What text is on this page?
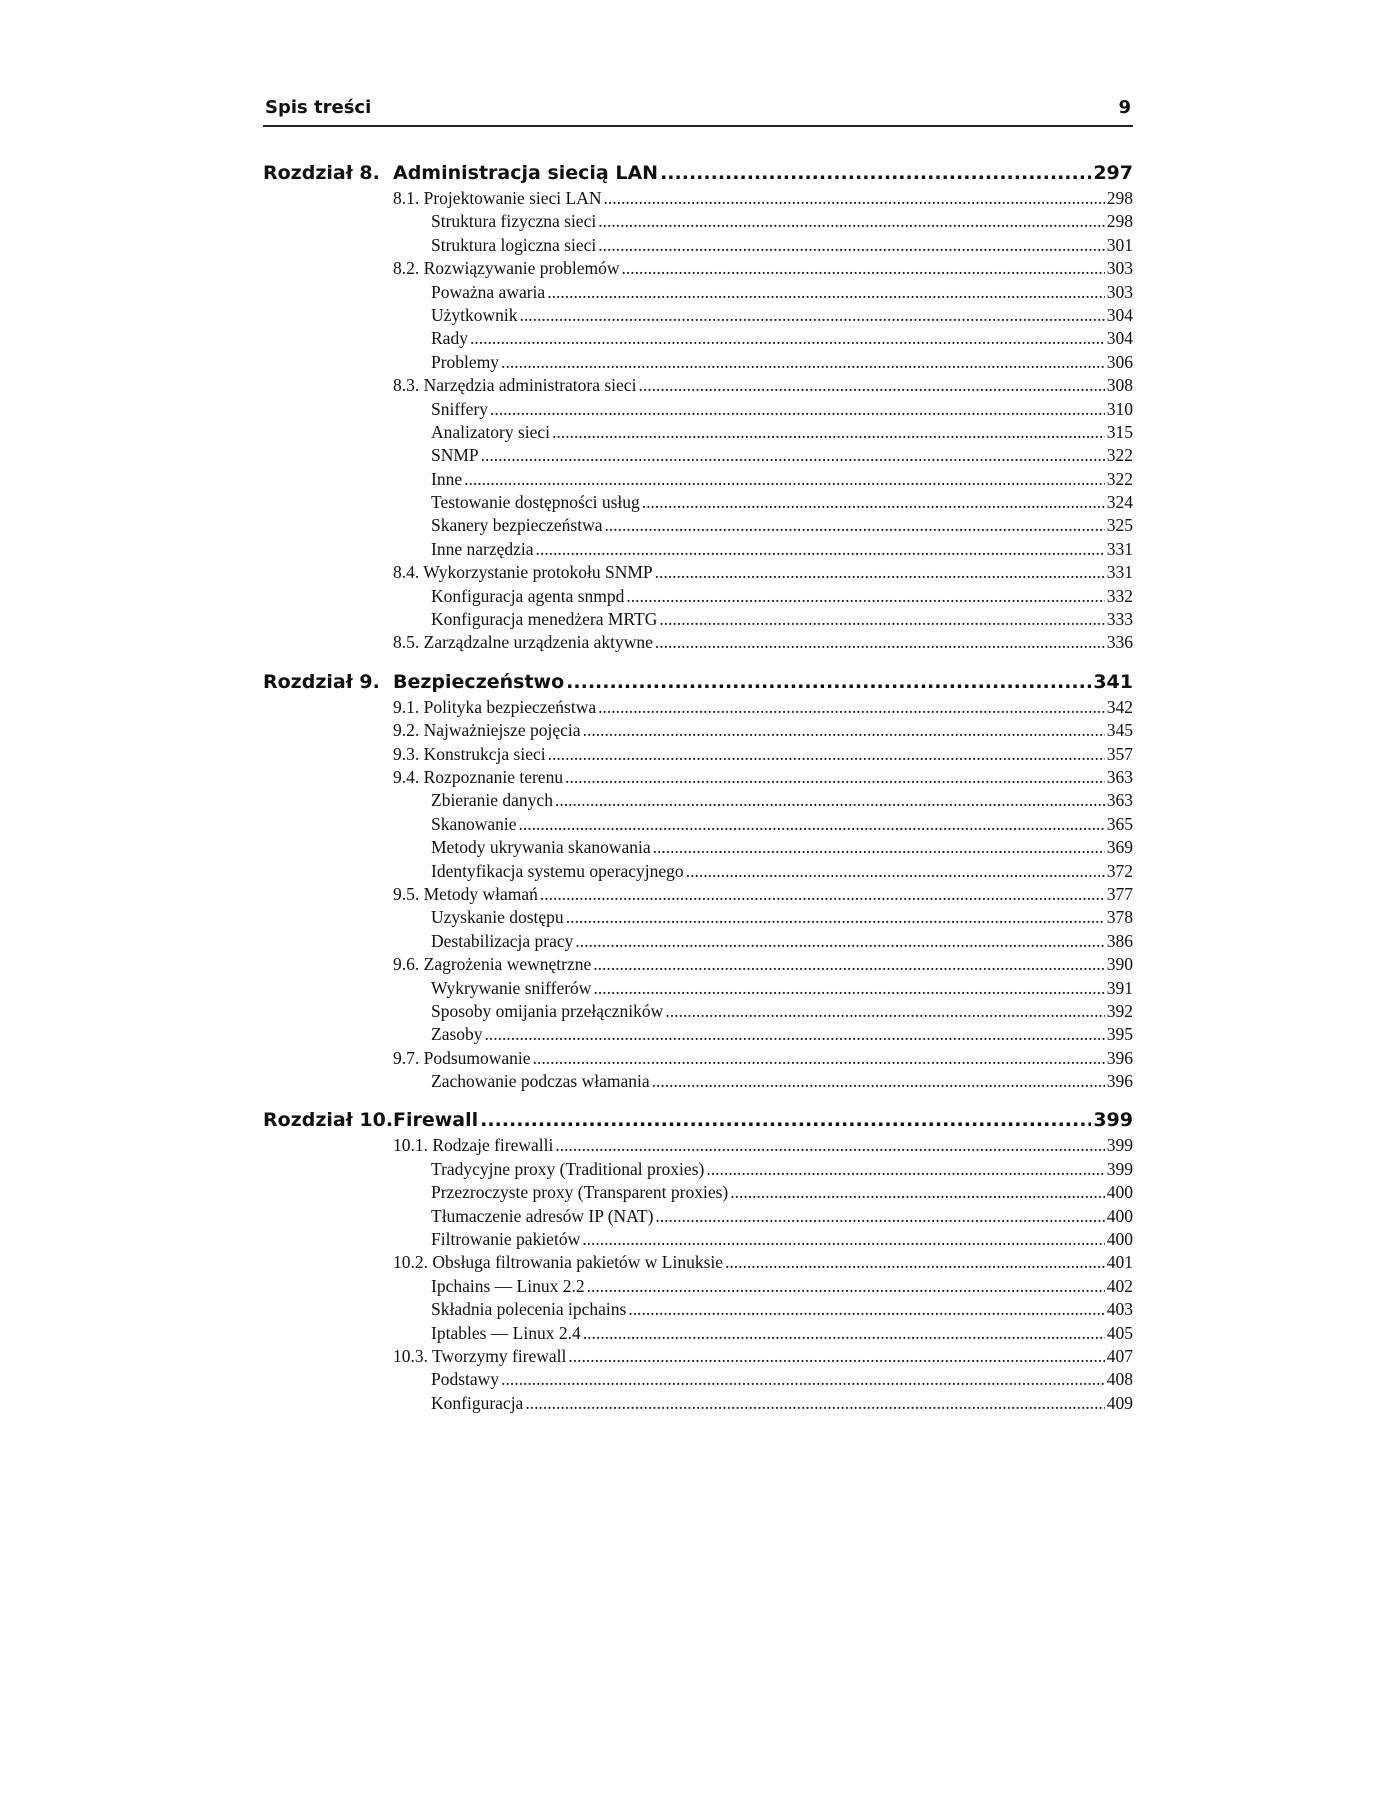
Spis treści	9
Rozdział 8. Administracja siecią LAN .....	297
8.1. Projektowanie sieci LAN .....	298
Struktura fizyczna sieci .....	298
Struktura logiczna sieci .....	301
8.2. Rozwiązywanie problemów .....	303
Poważna awaria .....	303
Użytkownik .....	304
Rady .....	304
Problemy .....	306
8.3. Narzędzia administratora sieci .....	308
Sniffery .....	310
Analizatory sieci .....	315
SNMP .....	322
Inne .....	322
Testowanie dostępności usług .....	324
Skanery bezpieczeństwa .....	325
Inne narzędzia .....	331
8.4. Wykorzystanie protokołu SNMP .....	331
Konfiguracja agenta snmpd .....	332
Konfiguracja menedżera MRTG .....	333
8.5. Zarządzalne urządzenia aktywne .....	336
Rozdział 9. Bezpieczeństwo .....	341
9.1. Polityka bezpieczeństwa .....	342
9.2. Najważniejsze pojęcia .....	345
9.3. Konstrukcja sieci .....	357
9.4. Rozpoznanie terenu .....	363
Zbieranie danych .....	363
Skanowanie .....	365
Metody ukrywania skanowania .....	369
Identyfikacja systemu operacyjnego .....	372
9.5. Metody włamań .....	377
Uzyskanie dostępu .....	378
Destabilizacja pracy .....	386
9.6. Zagrożenia wewnętrzne .....	390
Wykrywanie snifferów .....	391
Sposoby omijania przełączników .....	392
Zasoby .....	395
9.7. Podsumowanie .....	396
Zachowanie podczas włamania .....	396
Rozdział 10. Firewall .....	399
10.1. Rodzaje firewalli .....	399
Tradycyjne proxy (Traditional proxies) .....	399
Przezroczyste proxy (Transparent proxies) .....	400
Tłumaczenie adresów IP (NAT) .....	400
Filtrowanie pakietów .....	400
10.2. Obsługa filtrowania pakietów w Linuksie .....	401
Ipchains — Linux 2.2 .....	402
Składnia polecenia ipchains .....	403
Iptables — Linux 2.4 .....	405
10.3. Tworzymy firewall .....	407
Podstawy .....	408
Konfiguracja .....	409
